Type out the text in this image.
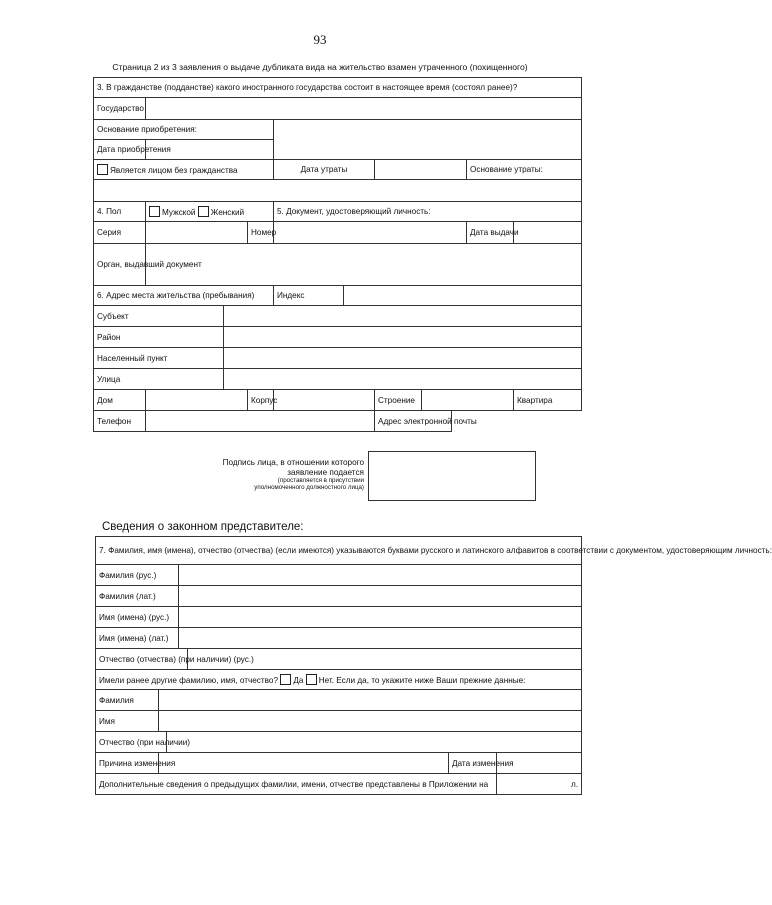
93
Страница 2 из 3 заявления о выдаче дубликата вида на жительство взамен утраченного (похищенного)
3. В гражданстве (подданстве) какого иностранного государства состоит в настоящее время (состоял ранее)?											
Государство											
Основание приобретения:											
Дата приобретения											
Является лицом без гражданства				Дата утраты					Основание утраты:		

4. Пол	Мужской Женский			5. Документ, удостоверяющий личность:							
Серия			Номер						Дата выдачи		
Орган, выдавший документ											
6. Адрес места жительства (пребывания)				Индекс							
Субъект											
Район											
Населенный пункт											
Улица											
Дом			Корпус			Строение				Квартира	
Телефон						Адрес электронной почты					
Подпись лица, в отношении которого
заявление подается

(проставляется в присутствии
уполномоченного должностного лица)
Сведения о законном представителе:
7. Фамилия, имя (имена), отчество (отчества) (если имеются) указываются буквами русского и латинского алфавитов в соответствии с документом, удостоверяющим личность:						
Фамилия (рус.)						
Фамилия (лат.)						
Имя (имена) (рус.)						
Имя (имена) (лат.)						
Отчество (отчества) (при наличии) (рус.)						
Имели ранее другие фамилию, имя, отчество? Да Нет. Если да, то укажите ниже Ваши прежние данные:						
Фамилия						
Имя						
Отчество (при наличии)						
Причина изменения					Дата изменения	
Дополнительные сведения о предыдущих фамилии, имени, отчестве представлены в Приложении на						л.
